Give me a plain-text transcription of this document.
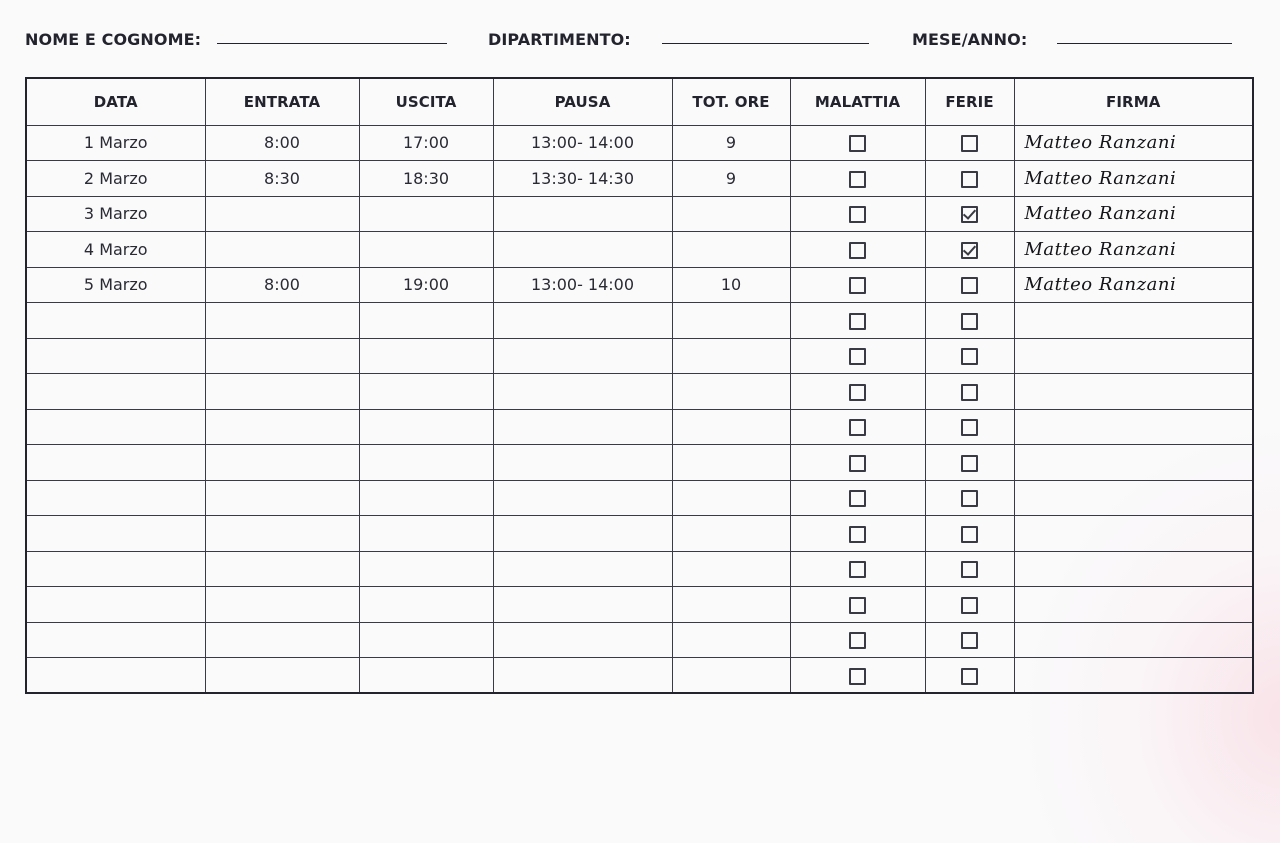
NOME E COGNOME:	DIPARTIMENTO:	MESE/ANNO:
DATA	ENTRATA	USCITA	PAUSA	TOT. ORE	MALATTIA	FERIE	FIRMA
1 Marzo	8:00	17:00	13:00- 14:00	9			Matteo Ranzani

2 Marzo	8:30	18:30	13:30- 14:30	9			Matteo Ranzani

3 Marzo							Matteo Ranzani

4 Marzo							Matteo Ranzani

5 Marzo	8:00	19:00	13:00- 14:00	10			Matteo Ranzani
